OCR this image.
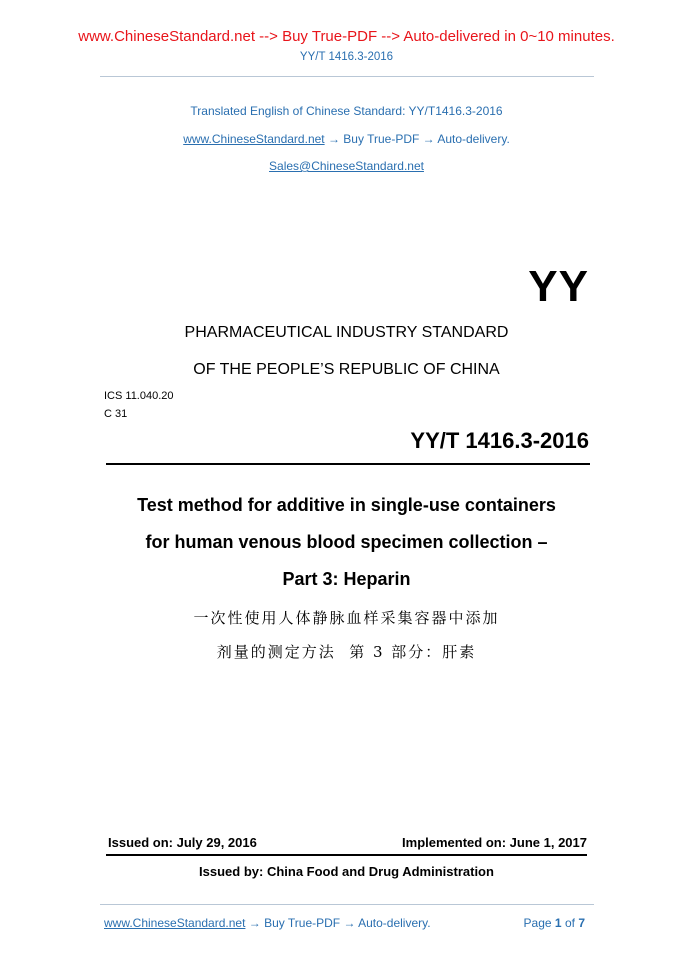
www.ChineseStandard.net --> Buy True-PDF --> Auto-delivered in 0~10 minutes.
YY/T 1416.3-2016
Translated English of Chinese Standard: YY/T1416.3-2016
www.ChineseStandard.net → Buy True-PDF → Auto-delivery.
Sales@ChineseStandard.net
YY
PHARMACEUTICAL INDUSTRY STANDARD
OF THE PEOPLE’S REPUBLIC OF CHINA
ICS 11.040.20
C 31
YY/T 1416.3-2016
Test method for additive in single-use containers
for human venous blood specimen collection –
Part 3: Heparin
一次性使用人体静脉血样采集容器中添加
剂量的测定方法  第 3 部分：肝素
Issued on: July 29, 2016	Implemented on: June 1, 2017
Issued by: China Food and Drug Administration
www.ChineseStandard.net → Buy True-PDF → Auto-delivery.	Page 1 of 7
